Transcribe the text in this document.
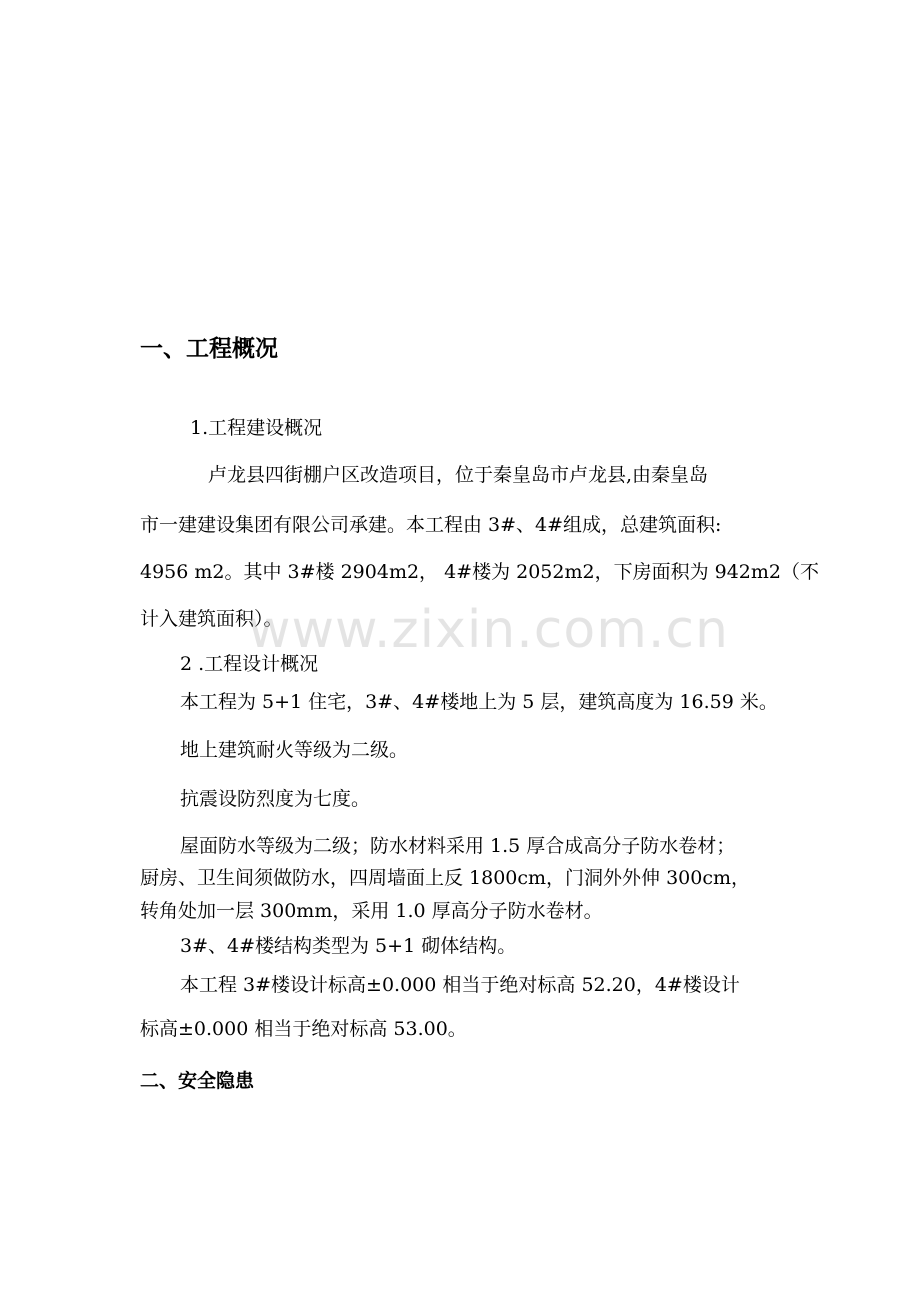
一、工程概况
1.工程建设概况
卢龙县四街棚户区改造项目，位于秦皇岛市卢龙县,由秦皇岛
市一建建设集团有限公司承建。本工程由 3#、4#组成，总建筑面积:
4956 m2。其中 3#楼 2904m2， 4#楼为 2052m2，下房面积为 942m2（不
计入建筑面积）。
2 .工程设计概况
本工程为 5+1 住宅，3#、4#楼地上为 5 层，建筑高度为 16.59 米。
地上建筑耐火等级为二级。
抗震设防烈度为七度。
屋面防水等级为二级；防水材料采用 1.5 厚合成高分子防水卷材；
厨房、卫生间须做防水，四周墙面上反 1800cm，门洞外外伸 300cm，
转角处加一层 300mm，采用 1.0 厚高分子防水卷材。
3#、4#楼结构类型为 5+1 砌体结构。
本工程 3#楼设计标高±0.000 相当于绝对标高 52.20，4#楼设计
标高±0.000 相当于绝对标高 53.00。
二、安全隐患
www.zixin.com.cn
